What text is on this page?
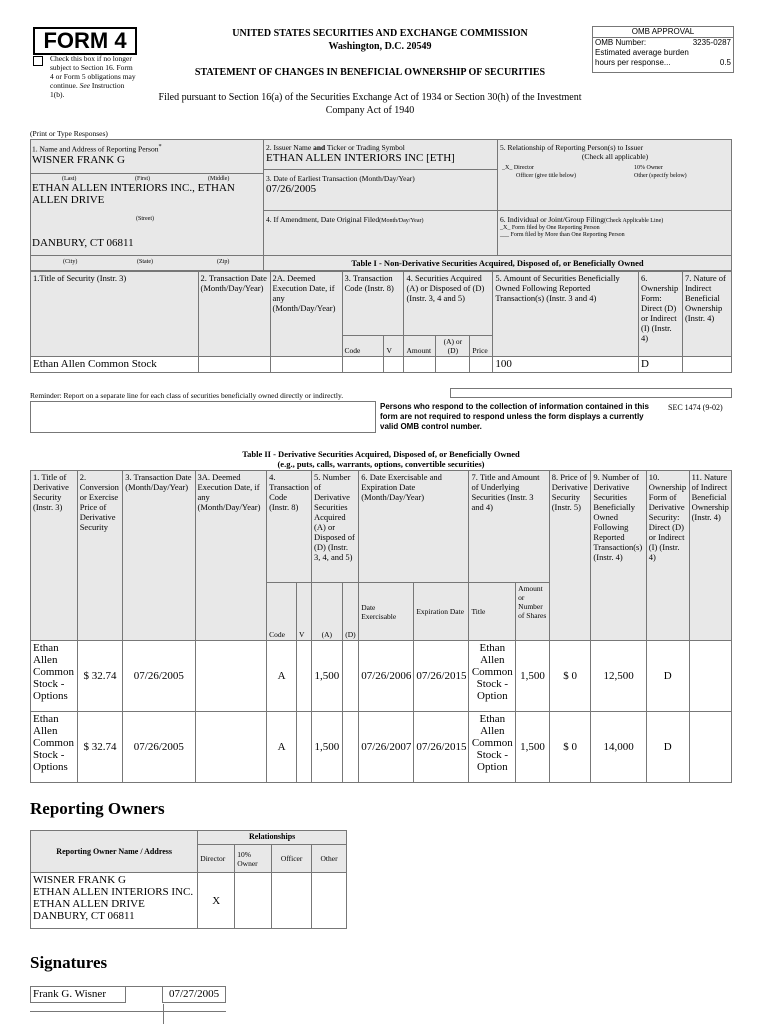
FORM 4
Check this box if no longer subject to Section 16. Form 4 or Form 5 obligations may continue. See Instruction 1(b).
UNITED STATES SECURITIES AND EXCHANGE COMMISSION
Washington, D.C. 20549
STATEMENT OF CHANGES IN BENEFICIAL OWNERSHIP OF SECURITIES
Filed pursuant to Section 16(a) of the Securities Exchange Act of 1934 or Section 30(h) of the Investment Company Act of 1940
OMB APPROVAL
OMB Number:	3235-0287
Estimated average burden
hours per response...	0.5
(Print or Type Responses)
1. Name and Address of Reporting Person*
WISNER FRANK G
(Last)	(First)	(Middle)
ETHAN ALLEN INTERIORS INC., ETHAN ALLEN DRIVE
(Street)
DANBURY, CT 06811
(City)	(State)	(Zip)
2. Issuer Name and Ticker or Trading Symbol
ETHAN ALLEN INTERIORS INC [ETH]
3. Date of Earliest Transaction (Month/Day/Year)
07/26/2005
4. If Amendment, Date Original Filed(Month/Day/Year)
5. Relationship of Reporting Person(s) to Issuer
(Check all applicable)
_X_ Director	10% Owner
Officer (give title below)	Other (specify below)
6. Individual or Joint/Group Filing(Check Applicable Line)
_X_ Form filed by One Reporting Person
___ Form filed by More than One Reporting Person
Table I - Non-Derivative Securities Acquired, Disposed of, or Beneficially Owned
1.Title of Security (Instr. 3)	2. Transaction Date (Month/Day/Year)	2A. Deemed Execution Date, if any (Month/Day/Year)	3. Transaction Code (Instr. 8)		4. Securities Acquired (A) or Disposed of (D) (Instr. 3, 4 and 5)			5. Amount of Securities Beneficially Owned Following Reported Transaction(s) (Instr. 3 and 4)	6. Ownership Form: Direct (D) or Indirect (I) (Instr. 4)	7. Nature of Indirect Beneficial Ownership (Instr. 4)
			Code	V	Amount	(A) or (D)	Price			
Ethan Allen Common Stock								100	D	
Reminder: Report on a separate line for each class of securities beneficially owned directly or indirectly.
Persons who respond to the collection of information contained in this form are not required to respond unless the form displays a currently valid OMB control number.
SEC 1474 (9-02)
Table II - Derivative Securities Acquired, Disposed of, or Beneficially Owned
(e.g., puts, calls, warrants, options, convertible securities)
1. Title of Derivative Security (Instr. 3)	2. Conversion or Exercise Price of Derivative Security	3. Transaction Date (Month/Day/Year)	3A. Deemed Execution Date, if any (Month/Day/Year)	4. Transaction Code (Instr. 8)		5. Number of Derivative Securities Acquired (A) or Disposed of (D) (Instr. 3, 4, and 5)		6. Date Exercisable and Expiration Date (Month/Day/Year)		7. Title and Amount of Underlying Securities (Instr. 3 and 4)		8. Price of Derivative Security (Instr. 5)	9. Number of Derivative Securities Beneficially Owned Following Reported Transaction(s) (Instr. 4)	10. Ownership Form of Derivative Security: Direct (D) or Indirect (I) (Instr. 4)	11. Nature of Indirect Beneficial Ownership (Instr. 4)
				Code	V	(A)	(D)	Date Exercisable	Expiration Date	Title	Amount or Number of Shares				
Ethan Allen Common Stock - Options	$ 32.74	07/26/2005		A		1,500		07/26/2006	07/26/2015	Ethan Allen Common Stock - Option	1,500	$ 0	12,500	D	
Ethan Allen Common Stock - Options	$ 32.74	07/26/2005		A		1,500		07/26/2007	07/26/2015	Ethan Allen Common Stock - Option	1,500	$ 0	14,000	D	
Reporting Owners
Reporting Owner Name / Address	Relationships			
	Director	10% Owner	Officer	Other

WISNER FRANK G
ETHAN ALLEN INTERIORS INC.
ETHAN ALLEN DRIVE
DANBURY, CT 06811	X			
Signatures
Frank G. Wisner		07/27/2005
